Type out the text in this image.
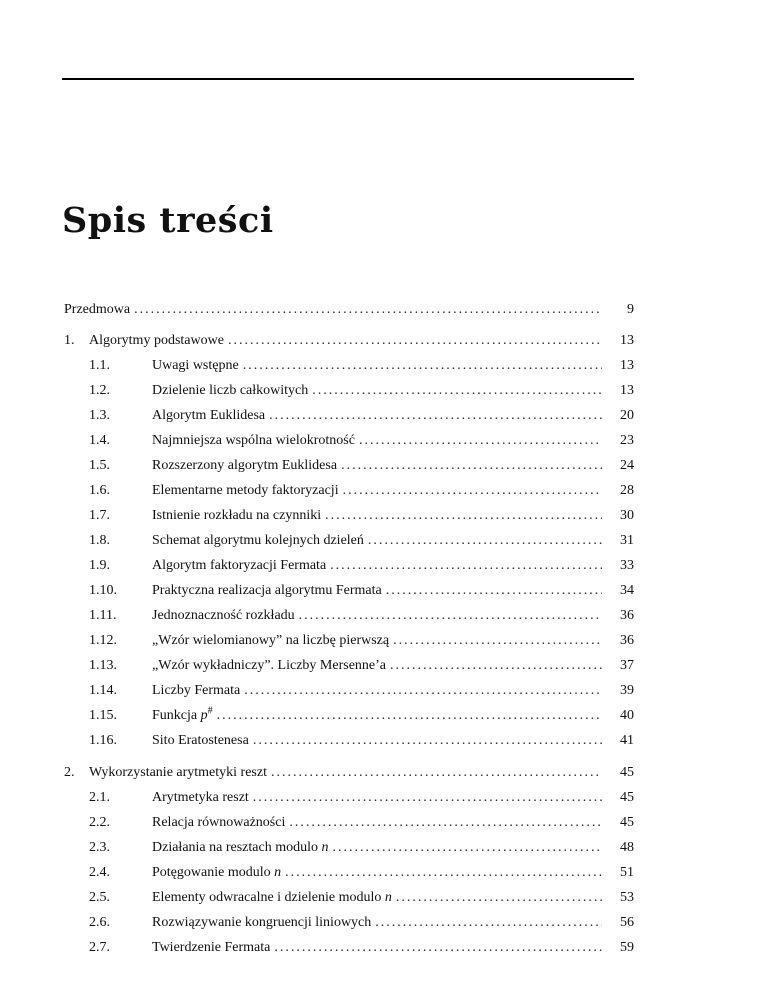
Spis treści
Przedmowa .....	9
1. Algorytmy podstawowe .....	13
1.1.	Uwagi wstępne .....	13
1.2.	Dzielenie liczb całkowitych .....	13
1.3.	Algorytm Euklidesa .....	20
1.4.	Najmniejsza wspólna wielokrotność .....	23
1.5.	Rozszerzony algorytm Euklidesa .....	24
1.6.	Elementarne metody faktoryzacji .....	28
1.7.	Istnienie rozkładu na czynniki .....	30
1.8.	Schemat algorytmu kolejnych dzieleń .....	31
1.9.	Algorytm faktoryzacji Fermata .....	33
1.10.	Praktyczna realizacja algorytmu Fermata .....	34
1.11.	Jednoznaczność rozkładu .....	36
1.12.	„Wzór wielomianowy” na liczbę pierwszą .....	36
1.13.	„Wzór wykładniczy”. Liczby Mersenne’a .....	37
1.14.	Liczby Fermata .....	39
1.15.	Funkcja p# .....	40
1.16.	Sito Eratostenesa .....	41
2. Wykorzystanie arytmetyki reszt .....	45
2.1.	Arytmetyka reszt .....	45
2.2.	Relacja równoważności .....	45
2.3.	Działania na resztach modulo n .....	48
2.4.	Potęgowanie modulo n .....	51
2.5.	Elementy odwracalne i dzielenie modulo n .....	53
2.6.	Rozwiązywanie kongruencji liniowych .....	56
2.7.	Twierdzenie Fermata .....	59
